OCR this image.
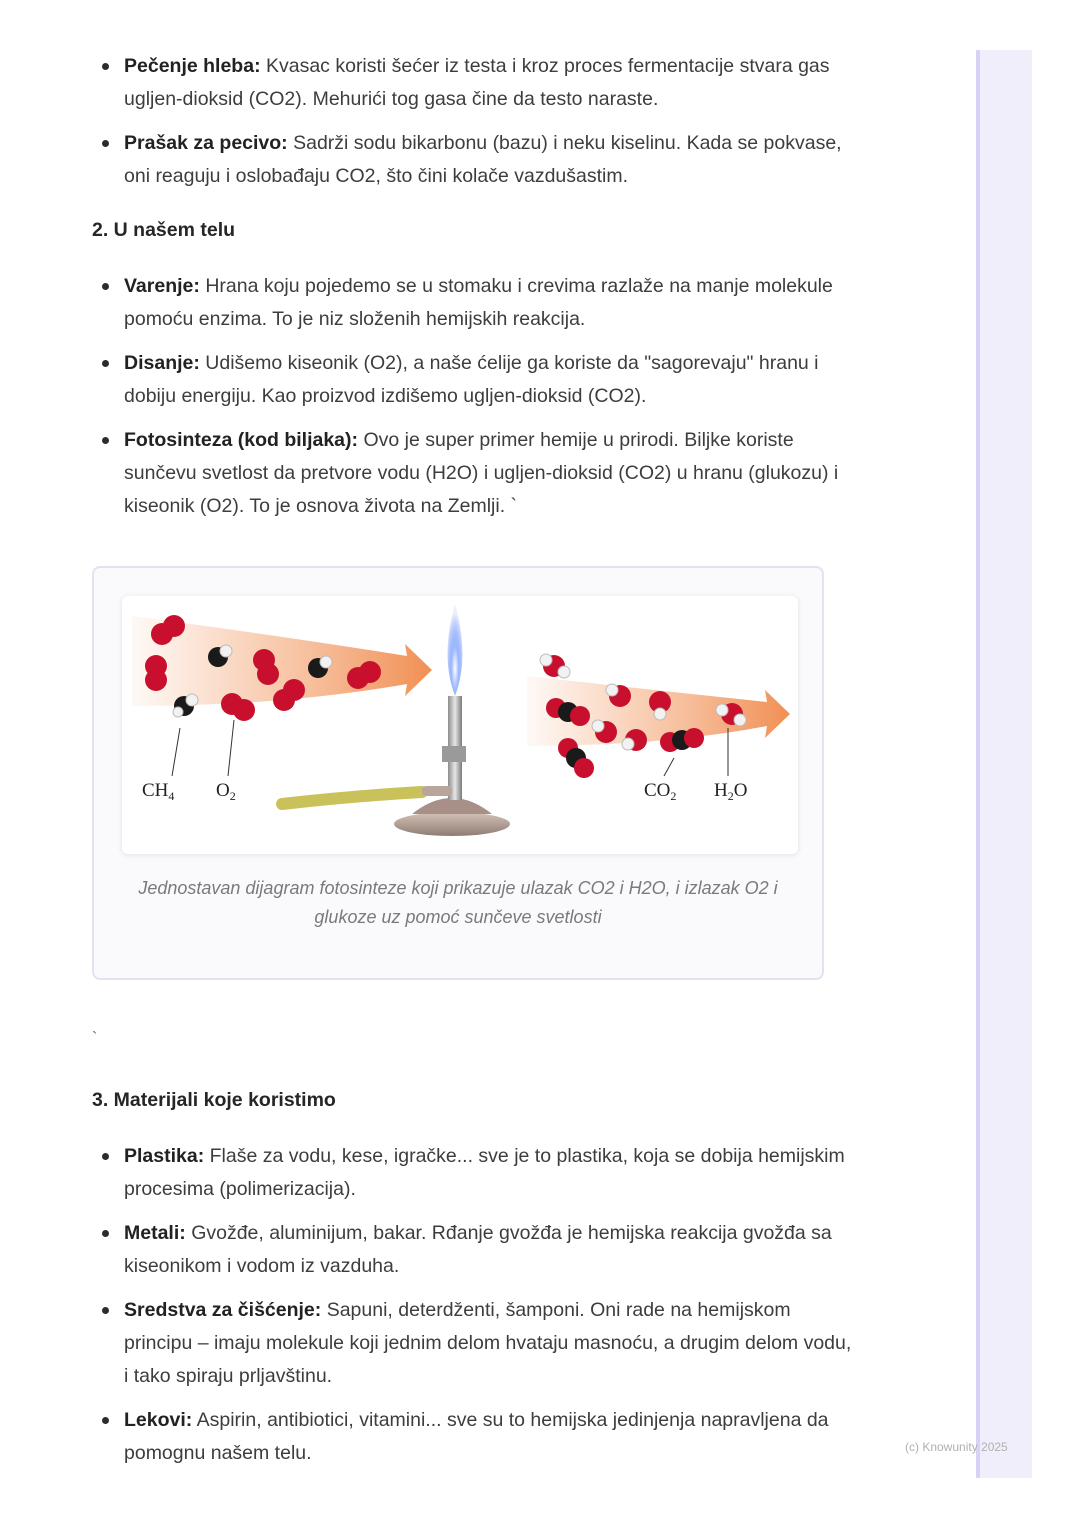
Pečenje hleba: Kvasac koristi šećer iz testa i kroz proces fermentacije stvara gas ugljen-dioksid (CO2). Mehurići tog gasa čine da testo naraste.
Prašak za pecivo: Sadrži sodu bikarbonu (bazu) i neku kiselinu. Kada se pokvase, oni reaguju i oslobađaju CO2, što čini kolače vazdušastim.
2. U našem telu
Varenje: Hrana koju pojedemo se u stomaku i crevima razlaže na manje molekule pomoću enzima. To je niz složenih hemijskih reakcija.
Disanje: Udišemo kiseonik (O2), a naše ćelije ga koriste da "sagorevaju" hranu i dobiju energiju. Kao proizvod izdišemo ugljen-dioksid (CO2).
Fotosinteza (kod biljaka): Ovo je super primer hemije u prirodi. Biljke koriste sunčevu svetlost da pretvore vodu (H2O) i ugljen-dioksid (CO2) u hranu (glukozu) i kiseonik (O2). To je osnova života na Zemlji. `
$CH_4$ $O_2$	$CO_2$ $H_2O$
Jednostavan dijagram fotosinteze koji prikazuje ulazak CO2 i H2O, i izlazak O2 i glukoze uz pomoć sunčeve svetlosti
`
3. Materijali koje koristimo
Plastika: Flaše za vodu, kese, igračke... sve je to plastika, koja se dobija hemijskim procesima (polimerizacija).
Metali: Gvožđe, aluminijum, bakar. Rđanje gvožđa je hemijska reakcija gvožđa sa kiseonikom i vodom iz vazduha.
Sredstva za čišćenje: Sapuni, deterdženti, šamponi. Oni rade na hemijskom principu – imaju molekule koji jednim delom hvataju masnoću, a drugim delom vodu, i tako spiraju prljavštinu.
Lekovi: Aspirin, antibiotici, vitamini... sve su to hemijska jedinjenja napravljena da pomognu našem telu.	(c) Knowunity 2025
